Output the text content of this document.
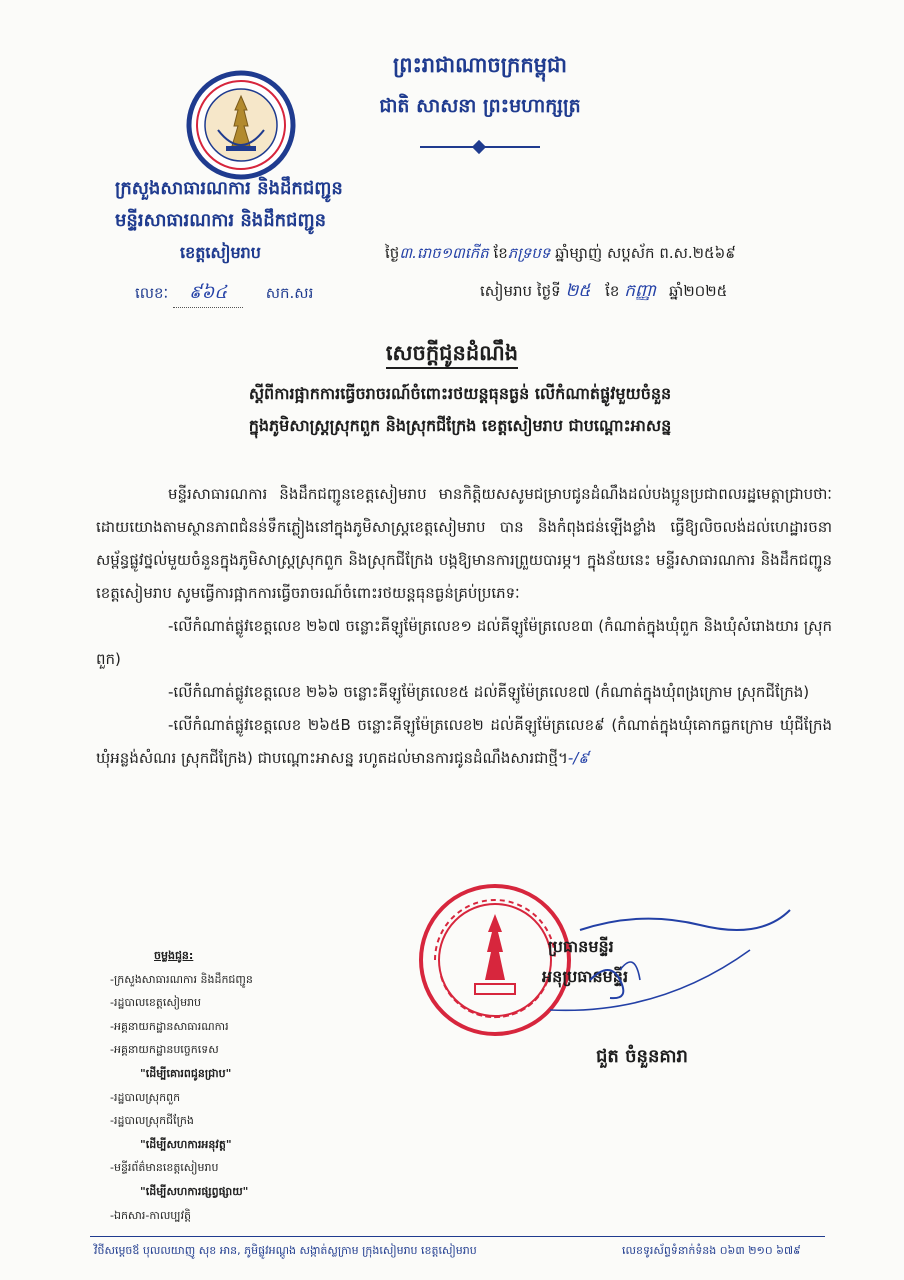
ព្រះរាជាណាចក្រកម្ពុជា
ជាតិ សាសនា ព្រះមហាក្សត្រ
ក្រសួងសាធារណការ និងដឹកជញ្ជូន
មន្ទីរសាធារណការ និងដឹកជញ្ជូន
ខេត្តសៀមរាប	ថ្ងៃ៣.រោច១៣កើត ខែភទ្របទ ឆ្នាំម្សាញ់ សប្តស័ក ព.ស.២៥៦៩
លេខៈ ៩៦៤	សក.សរ	សៀមរាប ថ្ងៃទី ២៥ ខែ កញ្ញា ឆ្នាំ២០២៥
សេចក្តីជូនដំណឹង
ស្តីពីការផ្អាកការធ្វើចរាចរណ៍ចំពោះរថយន្តធុនធ្ងន់ លើកំណាត់ផ្លូវមួយចំនួន
ក្នុងភូមិសាស្ត្រស្រុកពួក និងស្រុកជីក្រែង ខេត្តសៀមរាប ជាបណ្តោះអាសន្ន

មន្ទីរសាធារណការ និងដឹកជញ្ជូនខេត្តសៀមរាប មានកិត្តិយសសូមជម្រាបជូនដំណឹងដល់បងប្អូនប្រជាពលរដ្ឋមេត្តាជ្រាបថាៈ ដោយយោងតាមស្ថានភាពជំនន់ទឹកភ្លៀងនៅក្នុងភូមិសាស្ត្រខេត្តសៀមរាប បាន និងកំពុងជន់ឡើងខ្លាំង ធ្វើឱ្យលិចលង់ដល់ហេដ្ឋារចនាសម្ព័ន្ធផ្លូវថ្នល់មួយចំនួនក្នុងភូមិសាស្ត្រស្រុកពួក និងស្រុកជីក្រែង បង្កឱ្យមានការព្រួយបារម្ភ។ ក្នុងន័យនេះ មន្ទីរសាធារណការ និងដឹកជញ្ជូនខេត្តសៀមរាប សូមធ្វើការផ្អាកការធ្វើចរាចរណ៍ចំពោះរថយន្តធុនធ្ងន់គ្រប់ប្រភេទៈ

-លើកំណាត់ផ្លូវខេត្តលេខ ២៦៧ ចន្លោះគីឡូម៉ែត្រលេខ១ ដល់គីឡូម៉ែត្រលេខ៣ (កំណាត់ក្នុងឃុំពួក និងឃុំសំរោងយារ ស្រុកពួក)

-លើកំណាត់ផ្លូវខេត្តលេខ ២៦៦ ចន្លោះគីឡូម៉ែត្រលេខ៥ ដល់គីឡូម៉ែត្រលេខ៧ (កំណាត់ក្នុងឃុំពង្រក្រោម ស្រុកជីក្រែង)

-លើកំណាត់ផ្លូវខេត្តលេខ ២៦៥B ចន្លោះគីឡូម៉ែត្រលេខ២ ដល់គីឡូម៉ែត្រលេខ៩ (កំណាត់ក្នុងឃុំគោកធ្លកក្រោម ឃុំជីក្រែង ឃុំអន្លង់សំណរ ស្រុកជីក្រែង) ជាបណ្តោះអាសន្ន រហូតដល់មានការជូនដំណឹងសារជាថ្មី។-/៩

ចម្លងជូន:
-ក្រសួងសាធារណការ និងដឹកជញ្ជូន
-រដ្ឋបាលខេត្តសៀមរាប
-អគ្គនាយកដ្ឋានសាធារណការ
-អគ្គនាយកដ្ឋានបច្ចេកទេស
"ដើម្បីគោរពជូនជ្រាប"
-រដ្ឋបាលស្រុកពួក
-រដ្ឋបាលស្រុកជីក្រែង
"ដើម្បីសហការអនុវត្ត"
-មន្ទីរព័ត៌មានខេត្តសៀមរាប
"ដើម្បីសហការផ្សព្វផ្សាយ"
-ឯកសារ-កាលប្បវត្តិ
ប្រធានមន្ទីរ
អនុប្រធានមន្ទីរ
ជួត ចំនួនគារា
វិថីសម្តេចឪ បុលលយាញូ សុខ អាន, ភូមិផ្លូវអណ្តូង សង្កាត់ស្លក្រាម ក្រុងសៀមរាប ខេត្តសៀមរាប	លេខទូរស័ព្ទទំនាក់ទំនង ០៦៣ ២១០ ៦៧៩
